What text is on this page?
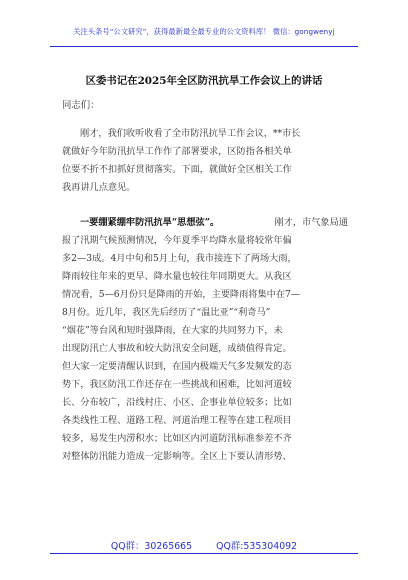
关注头条号“公文研究”，获得最新最全最专业的公文资料库！ 微信：gongwenyj
区委书记在2025年全区防汛抗旱工作会议上的讲话
同志们：
刚才，我们收听收看了全市防汛抗旱工作会议，**市长
就做好今年防汛抗旱工作作了部署要求，区防指各相关单
位要不折不扣抓好贯彻落实。下面，就做好全区相关工作
我再讲几点意见。
一要绷紧绷牢防汛抗旱“思想弦”。	刚才，市气象局通
报了汛期气候预测情况，今年夏季平均降水量将较常年偏
多2—3成。4月中旬和5月上旬，我市接连下了两场大雨，
降雨较往年来的更早、降水量也较往年同期更大。从我区
情况看，5—6月份只是降雨的开始，主要降雨将集中在7—
8月份。近几年，我区先后经历了“温比亚”“利奇马”
“烟花”等台风和短时强降雨，在大家的共同努力下，未
出现防汛亡人事故和较大防汛安全问题，成绩值得肯定。
但大家一定要清醒认识到，在国内极端天气多发频发的态
势下，我区防汛工作还存在一些挑战和困难，比如河道较
长、分布较广，沿线村庄、小区、企事业单位较多；比如
各类线性工程、道路工程、河道治理工程等在建工程项目
较多，易发生内涝积水；比如区内河道防汛标准参差不齐
对整体防汛能力造成一定影响等。全区上下要认清形势、
QQ群：30265665	QQ群:535304092
